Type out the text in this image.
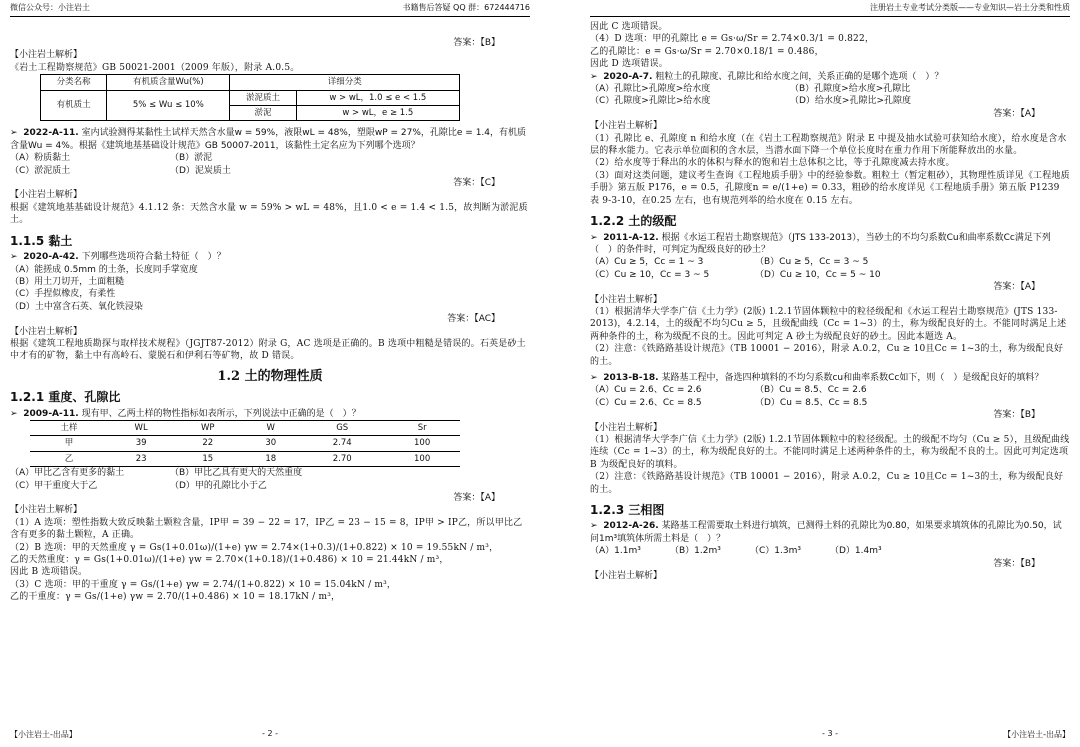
微信公众号：小注岩土	书籍售后答疑 QQ 群：672444716
答案：【B】
【小注岩土解析】
《岩土工程勘察规范》GB 50021-2001（2009 年版），附录 A.0.5。
分类名称	有机质含量Wu(%)	详细分类	
有机质土	5% ≤ Wu ≤ 10%	淤泥质土	w > wL，1.0 ≤ e < 1.5
		淤泥	w > wL，e ≥ 1.5
➢  2022-A-11. 室内试验测得某黏性土试样天然含水量w = 59%，液限wL = 48%，塑限wP = 27%，孔隙比e = 1.4，有机质含量Wu = 4%。根据《建筑地基基础设计规范》GB 50007-2011，该黏性土定名应为下列哪个选项？
（A）粉质黏土	（B）淤泥
（C）淤泥质土	（D）泥炭质土
答案：【C】
【小注岩土解析】
根据《建筑地基基础设计规范》4.1.12 条：天然含水量 w = 59% > wL = 48%，且1.0 < e = 1.4 < 1.5，故判断为淤泥质土。
1.1.5 黏土
➢  2020-A-42. 下列哪些选项符合黏土特征（　）？
（A）能搓成 0.5mm 的土条，长度同手掌宽度
（B）用土刀切开，土面粗糙
（C）手捏似橡皮，有柔性
（D）土中富含石英、氧化铁浸染
答案：【AC】
【小注岩土解析】
根据《建筑工程地质勘探与取样技术规程》（JGJT87-2012）附录 G，AC 选项是正确的。B 选项中粗糙是错误的。石英是砂土中才有的矿物，黏土中有高岭石、蒙脱石和伊利石等矿物，故 D 错误。
1.2 土的物理性质
1.2.1 重度、孔隙比
➢  2009-A-11. 现有甲、乙两土样的物性指标如表所示，下列说法中正确的是（　）？
土样	WL	WP	W	GS	Sr
甲	39	22	30	2.74	100
乙	23	15	18	2.70	100
（A）甲比乙含有更多的黏土	（B）甲比乙具有更大的天然重度
（C）甲干重度大于乙	（D）甲的孔隙比小于乙
答案：【A】
【小注岩土解析】
（1）A 选项：塑性指数大致反映黏土颗粒含量，IP甲 = 39 − 22 = 17，IP乙 = 23 − 15 = 8，IP甲 > IP乙，所以甲比乙含有更多的黏土颗粒，A 正确。
（2）B 选项：甲的天然重度 γ = Gs(1+0.01ω)/(1+e) γw = 2.74×(1+0.3)/(1+0.822) × 10 = 19.55kN / m³，
乙的天然重度：γ = Gs(1+0.01ω)/(1+e) γw = 2.70×(1+0.18)/(1+0.486) × 10 = 21.44kN / m³，
因此 B 选项错误。
（3）C 选项：甲的干重度 γ = Gs/(1+e) γw = 2.74/(1+0.822) × 10 = 15.04kN / m³，
乙的干重度：γ = Gs/(1+e) γw = 2.70/(1+0.486) × 10 = 18.17kN / m³，
【小注岩土-出品】	- 2 -
注册岩土专业考试分类版——专业知识—岩土分类和性质
因此 C 选项错误。
（4）D 选项：甲的孔隙比 e = Gs·ω/Sr = 2.74×0.3/1 = 0.822，
乙的孔隙比：e = Gs·ω/Sr = 2.70×0.18/1 = 0.486，
因此 D 选项错误。
➢  2020-A-7. 粗粒土的孔隙度、孔隙比和给水度之间，关系正确的是哪个选项（　）？
（A）孔隙比>孔隙度>给水度	（B）孔隙度>给水度>孔隙比
（C）孔隙度>孔隙比>给水度	（D）给水度>孔隙比>孔隙度
答案：【A】
【小注岩土解析】
（1）孔隙比 e、孔隙度 n 和给水度（在《岩土工程勘察规范》附录 E 中提及抽水试验可获知给水度），给水度是含水层的释水能力。它表示单位面积的含水层，当潜水面下降一个单位长度时在重力作用下所能释放出的水量。
（2）给水度等于释出的水的体积与释水的饱和岩土总体积之比，等于孔隙度减去持水度。
（3）面对这类问题，建议考生查询《工程地质手册》中的经验参数。粗粒土（暂定粗砂），其物理性质详见《工程地质手册》第五版 P176，e = 0.5，孔隙度n = e/(1+e) = 0.33，粗砂的给水度详见《工程地质手册》第五版 P1239 表 9-3-10，在0.25 左右，也有规范列举的给水度在 0.15 左右。
1.2.2 土的级配
➢  2011-A-12. 根据《水运工程岩土勘察规范》（JTS 133-2013），当砂土的不均匀系数Cu和曲率系数Cc满足下列（　）的条件时，可判定为配级良好的砂土？
（A）Cu ≥ 5，Cc = 1 ~ 3	（B）Cu ≥ 5，Cc = 3 ~ 5
（C）Cu ≥ 10，Cc = 3 ~ 5	（D）Cu ≥ 10，Cc = 5 ~ 10
答案：【A】
【小注岩土解析】
（1）根据清华大学李广信《土力学》(2版) 1.2.1节固体颗粒中的粒径级配和《水运工程岩土勘察规范》(JTS 133-2013)，4.2.14，土的级配不均匀Cu ≥ 5，且级配曲线（Cc = 1~3）的土，称为级配良好的土。不能同时满足上述两种条件的土，称为级配不良的土。因此可判定 A 砂土为级配良好的砂土。因此本题选 A。
（2）注意：《铁路路基设计规范》（TB 10001 − 2016），附录 A.0.2，Cu ≥ 10且Cc = 1~3的土，称为级配良好的土。
➢  2013-B-18. 某路基工程中，备选四种填料的不均匀系数cu和曲率系数Cc如下，则（　）是级配良好的填料？
（A）Cu = 2.6、Cc = 2.6	（B）Cu = 8.5、Cc = 2.6
（C）Cu = 2.6、Cc = 8.5	（D）Cu = 8.5、Cc = 8.5
答案：【B】
【小注岩土解析】
（1）根据清华大学李广信《土力学》(2版) 1.2.1节固体颗粒中的粒径级配。土的级配不均匀（Cu ≥ 5），且级配曲线连续（Cc = 1~3）的土，称为级配良好的土。不能同时满足上述两种条件的土，称为级配不良的土。因此可判定选项 B 为级配良好的填料。
（2）注意：《铁路路基设计规范》（TB 10001 − 2016），附录 A.0.2，Cu ≥ 10且Cc = 1~3的土，称为级配良好的土。
1.2.3 三相图
➢  2012-A-26. 某路基工程需要取土料进行填筑，已测得土料的孔隙比为0.80，如果要求填筑体的孔隙比为0.50，试问1m³填筑体所需土料是（　）？
（A）1.1m³	（B）1.2m³	（C）1.3m³	（D）1.4m³
答案：【B】
【小注岩土解析】
- 3 -	【小注岩土-出品】
